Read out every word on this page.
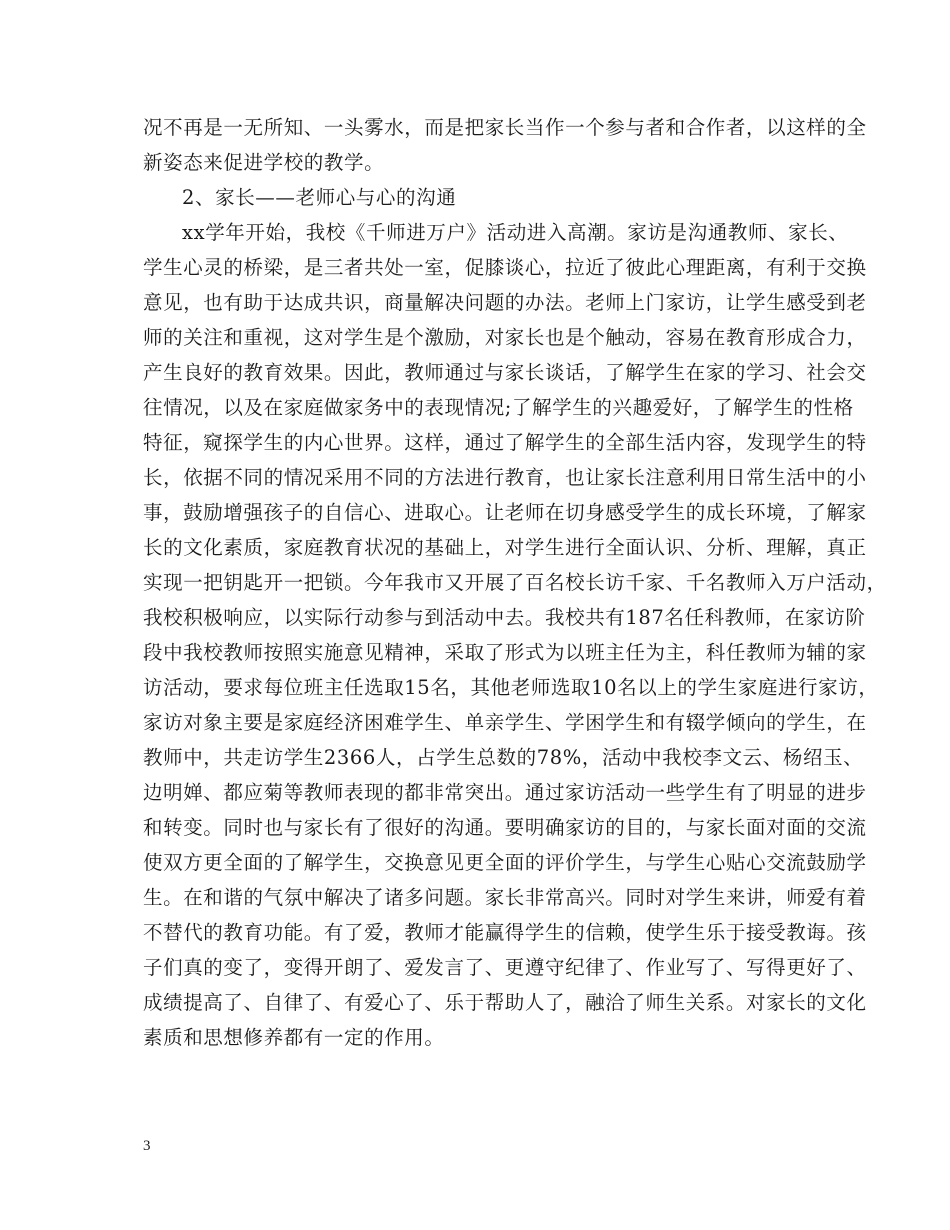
况不再是一无所知、一头雾水，而是把家长当作一个参与者和合作者，以这样的全
新姿态来促进学校的教学。
2、家长——老师心与心的沟通
xx学年开始，我校《千师进万户》活动进入高潮。家访是沟通教师、家长、
学生心灵的桥梁，是三者共处一室，促膝谈心，拉近了彼此心理距离，有利于交换
意见，也有助于达成共识，商量解决问题的办法。老师上门家访，让学生感受到老
师的关注和重视，这对学生是个激励，对家长也是个触动，容易在教育形成合力，
产生良好的教育效果。因此，教师通过与家长谈话，了解学生在家的学习、社会交
往情况，以及在家庭做家务中的表现情况;了解学生的兴趣爱好，了解学生的性格
特征，窥探学生的内心世界。这样，通过了解学生的全部生活内容，发现学生的特
长，依据不同的情况采用不同的方法进行教育，也让家长注意利用日常生活中的小
事，鼓励增强孩子的自信心、进取心。让老师在切身感受学生的成长环境，了解家
长的文化素质，家庭教育状况的基础上，对学生进行全面认识、分析、理解，真正
实现一把钥匙开一把锁。今年我市又开展了百名校长访千家、千名教师入万户活动，
我校积极响应，以实际行动参与到活动中去。我校共有187名任科教师，在家访阶
段中我校教师按照实施意见精神，采取了形式为以班主任为主，科任教师为辅的家
访活动，要求每位班主任选取15名，其他老师选取10名以上的学生家庭进行家访，
家访对象主要是家庭经济困难学生、单亲学生、学困学生和有辍学倾向的学生，在
教师中，共走访学生2366人，占学生总数的78%，活动中我校李文云、杨绍玉、
边明婵、都应菊等教师表现的都非常突出。通过家访活动一些学生有了明显的进步
和转变。同时也与家长有了很好的沟通。要明确家访的目的，与家长面对面的交流
使双方更全面的了解学生，交换意见更全面的评价学生，与学生心贴心交流鼓励学
生。在和谐的气氛中解决了诸多问题。家长非常高兴。同时对学生来讲，师爱有着
不替代的教育功能。有了爱，教师才能赢得学生的信赖，使学生乐于接受教诲。孩
子们真的变了，变得开朗了、爱发言了、更遵守纪律了、作业写了、写得更好了、
成绩提高了、自律了、有爱心了、乐于帮助人了，融洽了师生关系。对家长的文化
素质和思想修养都有一定的作用。
3
